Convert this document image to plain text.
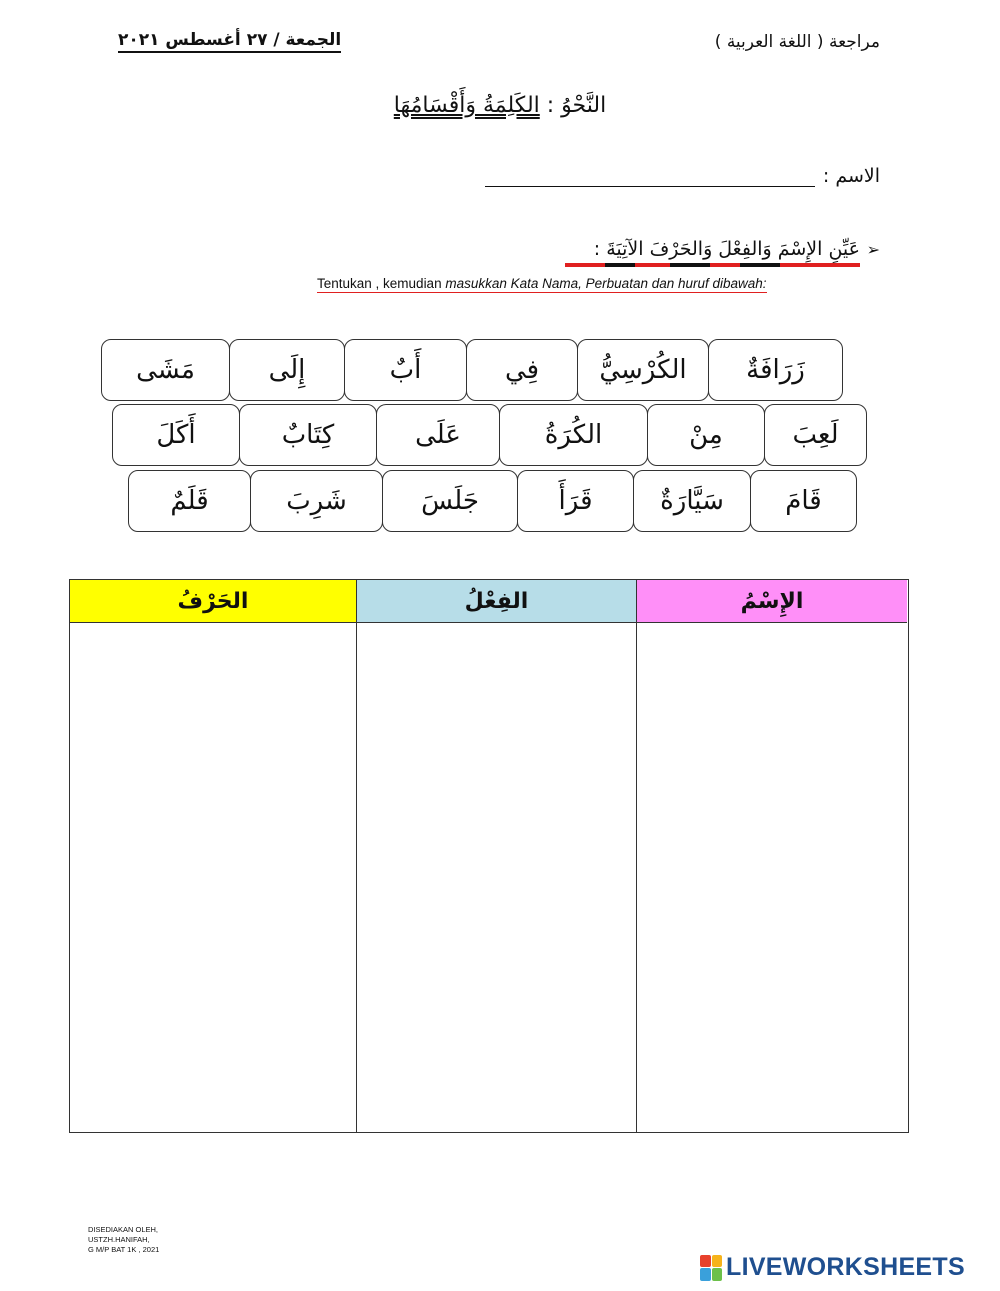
الجمعة / ٢٧ أغسطس ٢٠٢١	مراجعة ( اللغة العربية )
النَّحْوُ : الكَلِمَةُ وَأَقْسَامُهَا
الاسم :
➢
عَيِّنِ الإِسْمَ وَالفِعْلَ وَالحَرْفَ الآتِيَةَ :
Tentukan , kemudian masukkan Kata Nama, Perbuatan dan huruf dibawah:
زَرَافَةٌ
الكُرْسِيُّ
فِي
أَبٌ
إِلَى
مَشَى
لَعِبَ
مِنْ
الكُرَةُ
عَلَى
كِتَابٌ
أَكَلَ
قَامَ
سَيَّارَةٌ
قَرَأَ
جَلَسَ
شَرِبَ
قَلَمٌ
الحَرْفُ	الفِعْلُ	الإِسْمُ
DISEDIAKAN OLEH,
USTZH.HANIFAH,
G M/P BAT 1K , 2021
LIVEWORKSHEETS
